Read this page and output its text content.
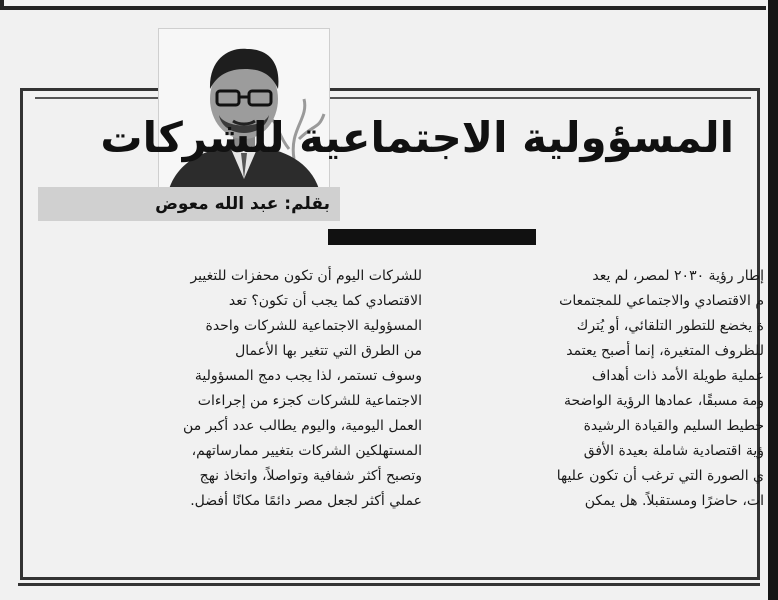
المسؤولية الاجتماعية للشركات
بقلم: عبد الله معوض
للشركات اليوم أن تكون محفزات للتغيير
الاقتصادي كما يجب أن تكون؟ تعد
المسؤولية الاجتماعية للشركات واحدة
من الطرق التي تتغير بها الأعمال
وسوف تستمر، لذا يجب دمج المسؤولية
الاجتماعية للشركات كجزء من إجراءات
العمل اليومية، واليوم يطالب عدد أكبر من
المستهلكين الشركات بتغيير ممارساتهم،
وتصبح أكثر شفافية وتواصلاً، واتخاذ نهج
عملي أكثر لجعل مصر دائمًا مكانًا أفضل.
إطار رؤية ٢٠٣٠ لمصر، لم يعد
م الاقتصادي والاجتماعي للمجتمعات
ة يخضع للتطور التلقائي، أو يُترك
للظروف المتغيرة، إنما أصبح يعتمد
عملية طويلة الأمد ذات أهداف
ومة مسبقًا، عمادها الرؤية الواضحة
خطيط السليم والقيادة الرشيدة
ؤية اقتصادية شاملة بعيدة الأفق
ي الصورة التي ترغب أن تكون عليها
ات، حاضرًا ومستقبلاً. هل يمكن
